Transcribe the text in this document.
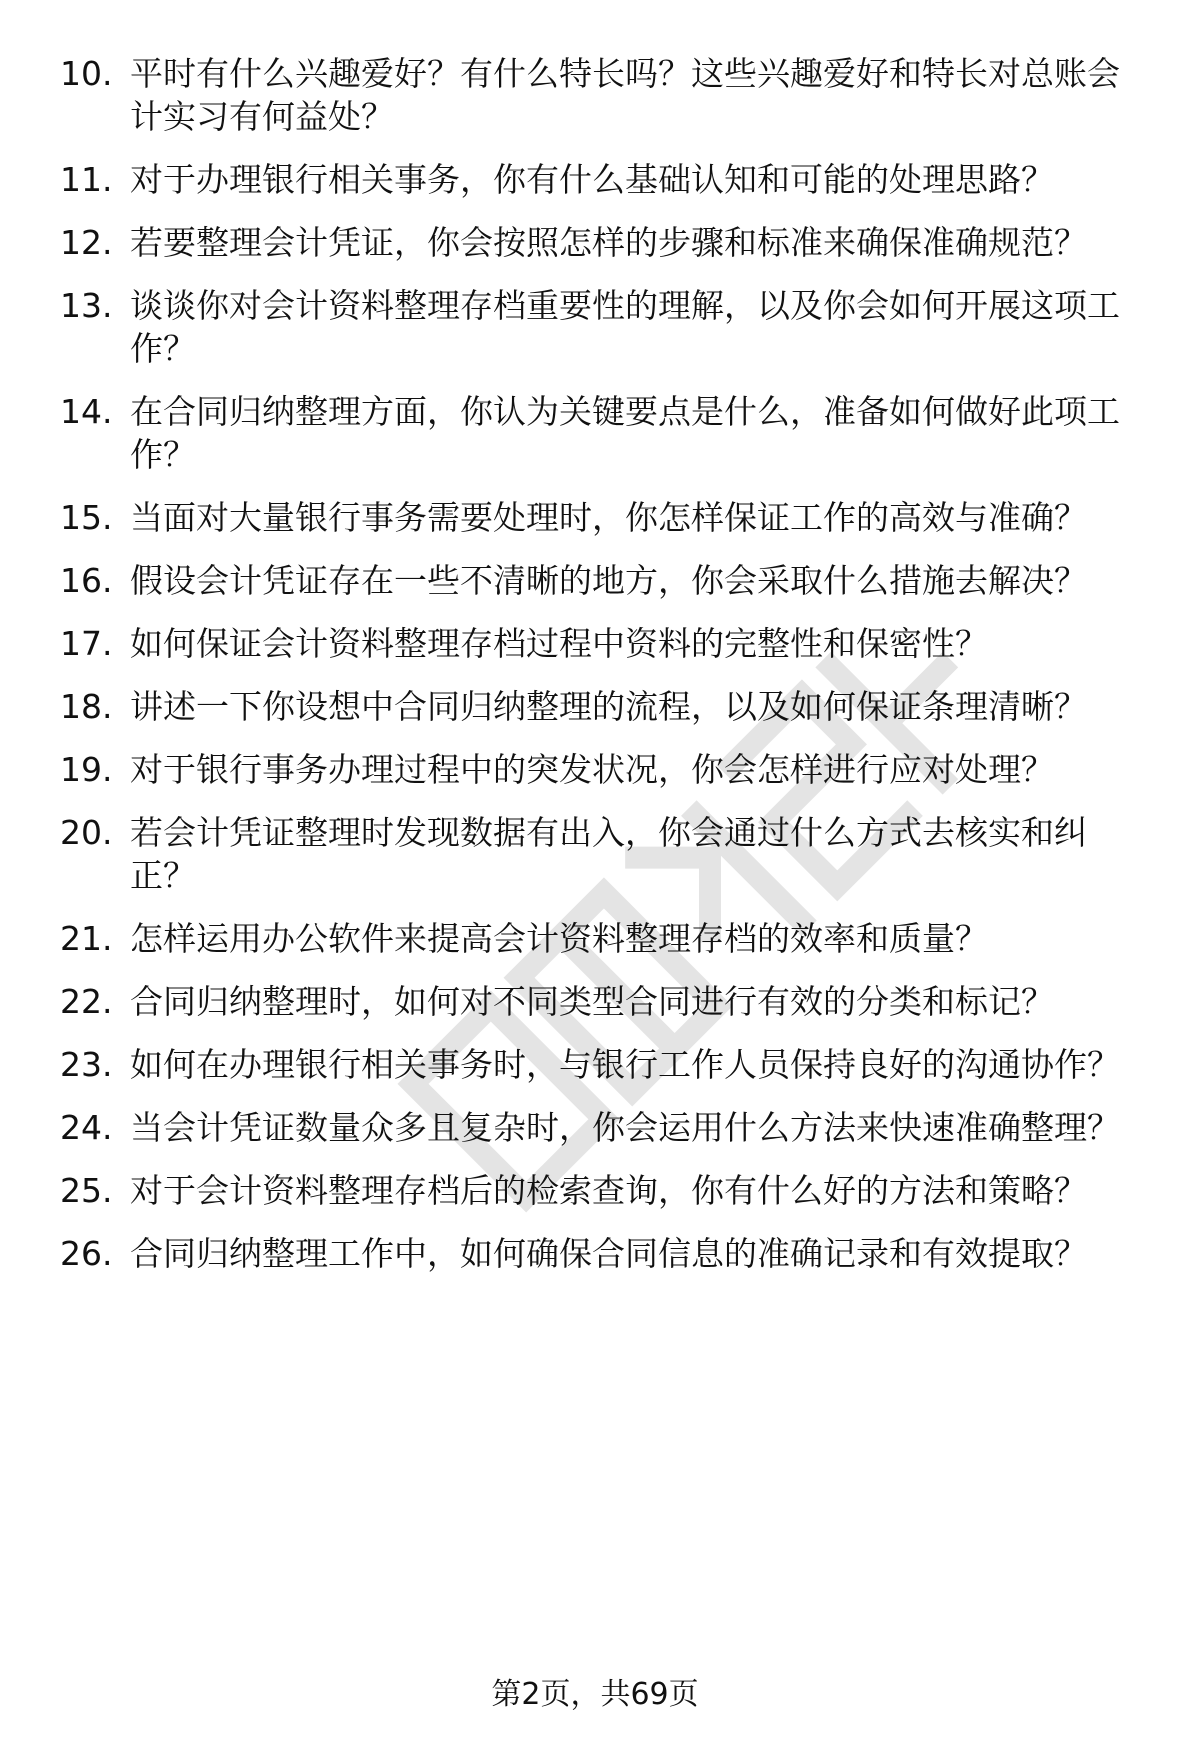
10. 平时有什么兴趣爱好？有什么特长吗？这些兴趣爱好和特长对总账会计实习有何益处？
11. 对于办理银行相关事务，你有什么基础认知和可能的处理思路？
12. 若要整理会计凭证，你会按照怎样的步骤和标准来确保准确规范？
13. 谈谈你对会计资料整理存档重要性的理解，以及你会如何开展这项工作？
14. 在合同归纳整理方面，你认为关键要点是什么，准备如何做好此项工作？
15. 当面对大量银行事务需要处理时，你怎样保证工作的高效与准确？
16. 假设会计凭证存在一些不清晰的地方，你会采取什么措施去解决？
17. 如何保证会计资料整理存档过程中资料的完整性和保密性？
18. 讲述一下你设想中合同归纳整理的流程，以及如何保证条理清晰？
19. 对于银行事务办理过程中的突发状况，你会怎样进行应对处理？
20. 若会计凭证整理时发现数据有出入，你会通过什么方式去核实和纠正？
21. 怎样运用办公软件来提高会计资料整理存档的效率和质量？
22. 合同归纳整理时，如何对不同类型合同进行有效的分类和标记？
23. 如何在办理银行相关事务时，与银行工作人员保持良好的沟通协作？
24. 当会计凭证数量众多且复杂时，你会运用什么方法来快速准确整理？
25. 对于会计资料整理存档后的检索查询，你有什么好的方法和策略？
26. 合同归纳整理工作中，如何确保合同信息的准确记录和有效提取？
第2页，共69页
